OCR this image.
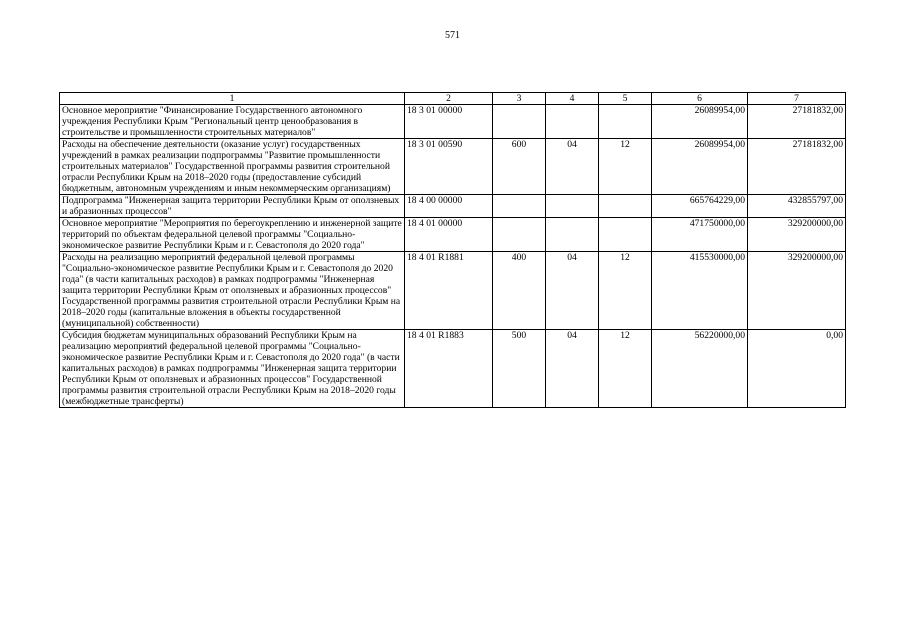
571
1	2	3	4	5	6	7
Основное мероприятие "Финансирование Государственного автономного учреждения Республики Крым "Региональный центр ценообразования в строительстве и промышленности строительных материалов"	18 3 01 00000				26089954,00	27181832,00
Расходы на обеспечение деятельности (оказание услуг) государственных учреждений в рамках реализации подпрограммы "Развитие промышленности строительных материалов" Государственной программы развития строительной отрасли Республики Крым на 2018–2020 годы (предоставление субсидий бюджетным, автономным учреждениям и иным некоммерческим организациям)	18 3 01 00590	600	04	12	26089954,00	27181832,00
Подпрограмма "Инженерная защита территории Республики Крым от оползневых и абразионных процессов"	18 4 00 00000				665764229,00	432855797,00
Основное мероприятие "Мероприятия по берегоукреплению и инженерной защите территорий по объектам федеральной целевой программы "Социально-экономическое развитие Республики Крым и г. Севастополя до 2020 года"	18 4 01 00000				471750000,00	329200000,00
Расходы на реализацию мероприятий федеральной целевой программы "Социально-экономическое развитие Республики Крым и г. Севастополя до 2020 года" (в части капитальных расходов) в рамках подпрограммы "Инженерная защита территории Республики Крым от оползневых и абразионных процессов" Государственной программы развития строительной отрасли Республики Крым на 2018–2020 годы (капитальные вложения в объекты государственной (муниципальной) собственности)	18 4 01 R1881	400	04	12	415530000,00	329200000,00
Субсидия бюджетам муниципальных образований Республики Крым на реализацию мероприятий федеральной целевой программы "Социально-экономическое развитие Республики Крым и г. Севастополя до 2020 года" (в части капитальных расходов) в рамках подпрограммы "Инженерная защита территории Республики Крым от оползневых и абразионных процессов" Государственной программы развития строительной отрасли Республики Крым на 2018–2020 годы (межбюджетные трансферты)	18 4 01 R1883	500	04	12	56220000,00	0,00
